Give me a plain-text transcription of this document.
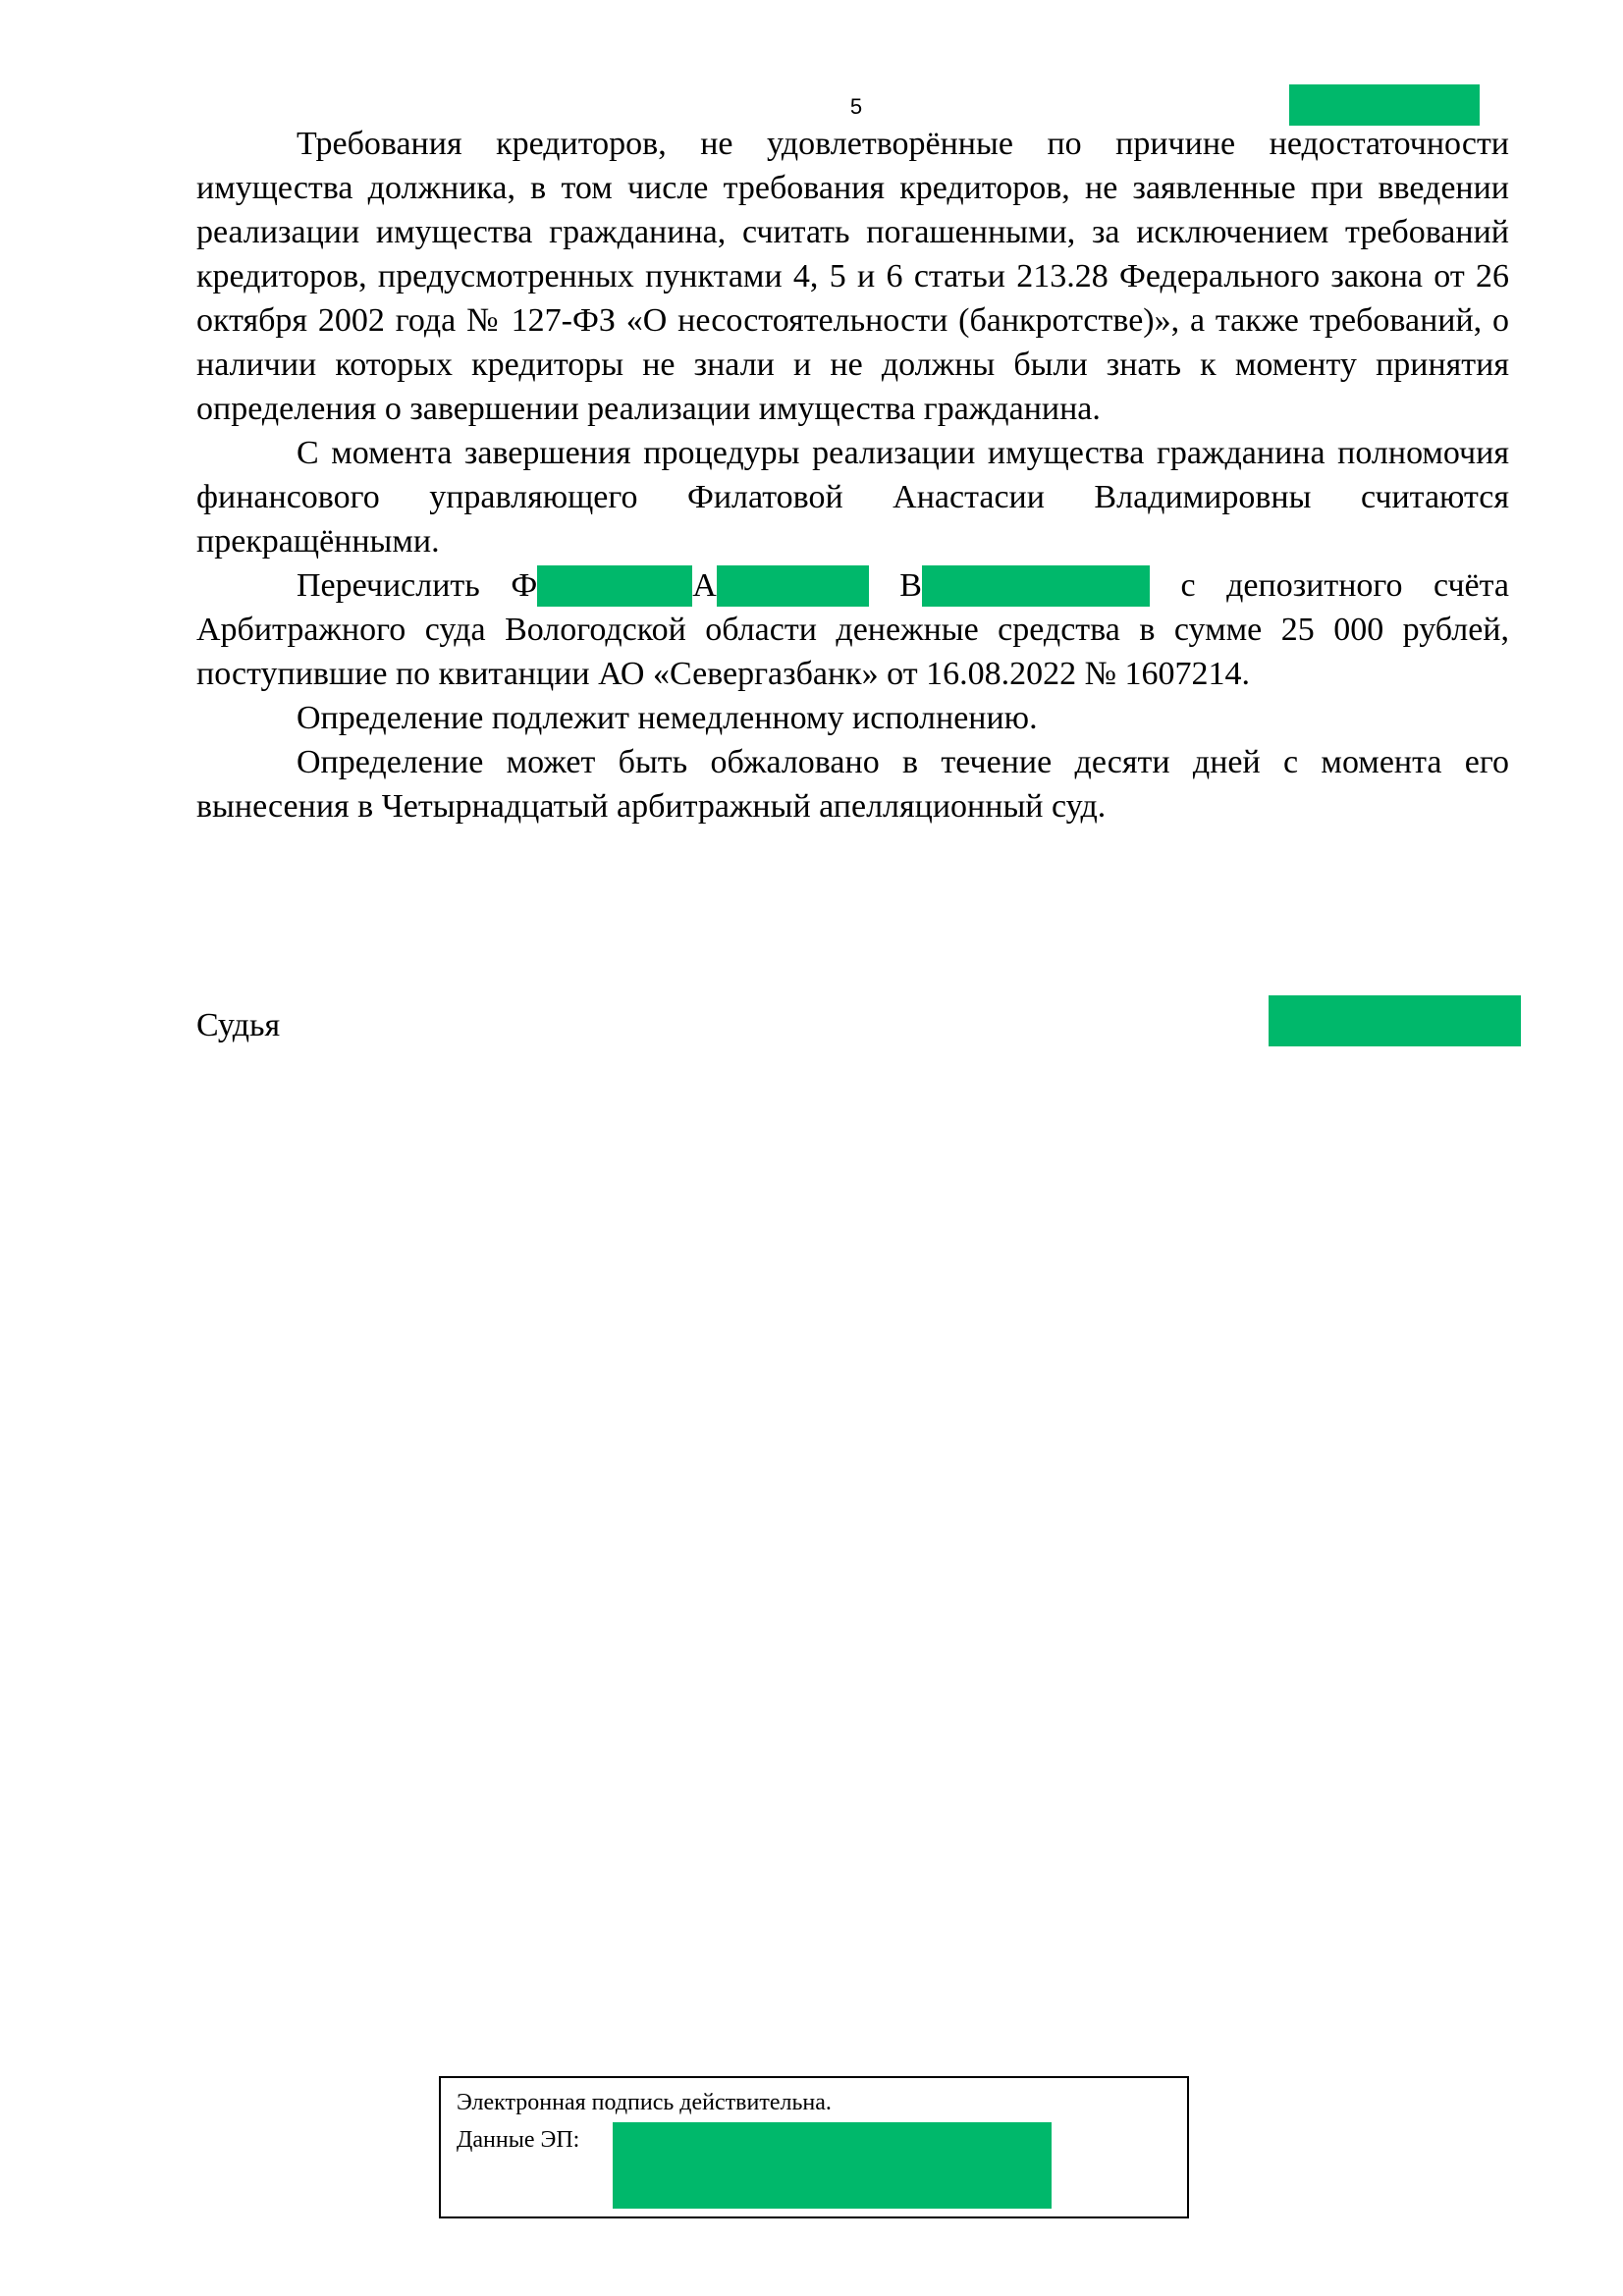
5

Требования кредиторов, не удовлетворённые по причине недостаточности имущества должника, в том числе требования кредиторов, не заявленные при введении реализации имущества гражданина, считать погашенными, за исключением требований кредиторов, предусмотренных пунктами 4, 5 и 6 статьи 213.28 Федерального закона от 26 октября 2002 года № 127-ФЗ «О несостоятельности (банкротстве)», а также требований, о наличии которых кредиторы не знали и не должны были знать к моменту принятия определения о завершении реализации имущества гражданина.

С момента завершения процедуры реализации имущества гражданина полномочия финансового управляющего Филатовой Анастасии Владимировны считаются прекращёнными.

Перечислить Ф	А	В	с депозитного счёта Арбитражного суда Вологодской области денежные средства в сумме 25 000 рублей, поступившие по квитанции АО «Севергазбанк» от 16.08.2022 № 1607214.

Определение подлежит немедленному исполнению.

Определение может быть обжаловано в течение десяти дней с момента его вынесения в Четырнадцатый арбитражный апелляционный суд.

Судья
Электронная подпись действительна.
Данные ЭП:
